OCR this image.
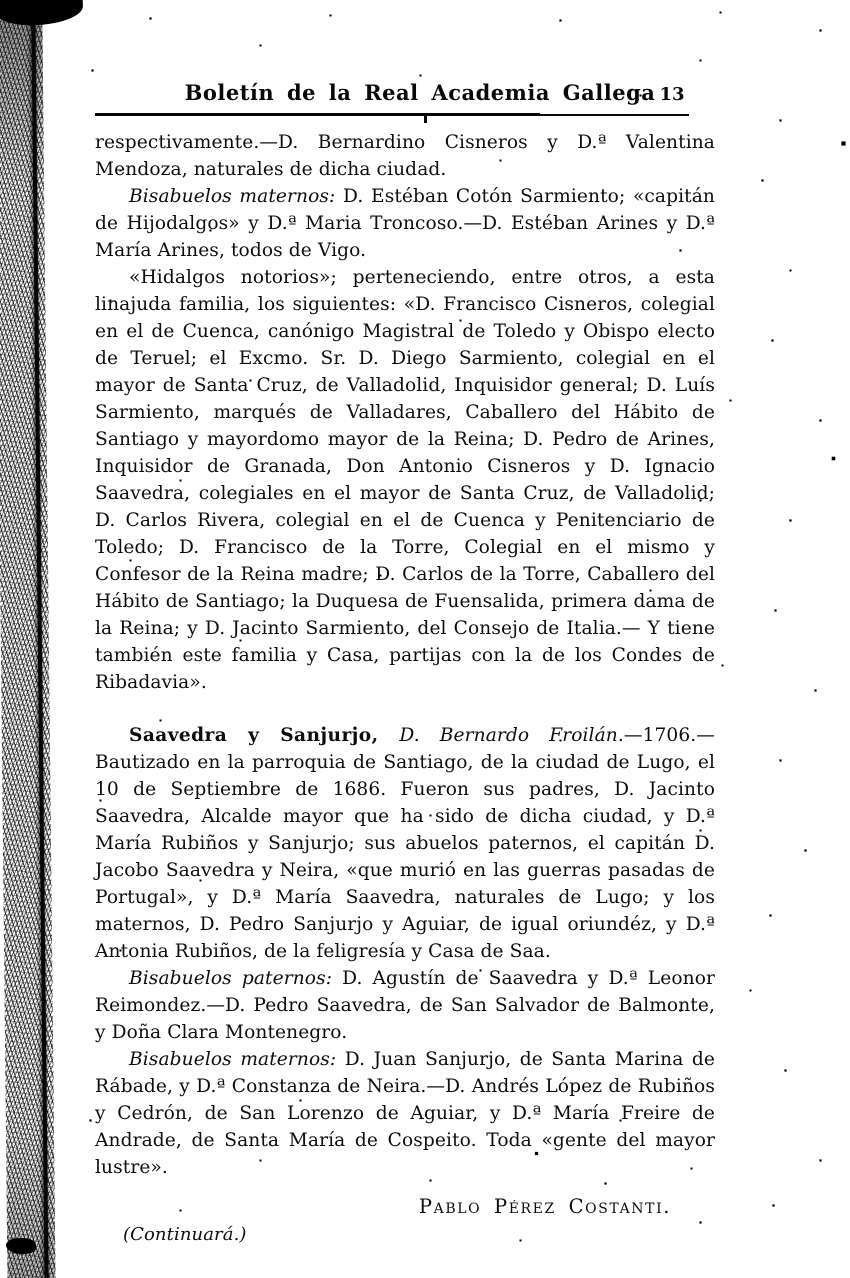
Boletín de la Real Academia Gallega 13

respectivamente.—D. Bernardino Cisneros y D.ª Valentina Mendoza, naturales de dicha ciudad.

Bisabuelos maternos: D. Estéban Cotón Sarmiento; «capitán de Hijodalgos» y D.ª Maria Troncoso.—D. Estéban Arines y D.ª María Arines, todos de Vigo.

«Hidalgos notorios»; perteneciendo, entre otros, a esta linajuda familia, los siguientes: «D. Francisco Cisneros, colegial en el de Cuenca, canónigo Magistral de Toledo y Obispo electo de Teruel; el Excmo. Sr. D. Diego Sarmiento, colegial en el mayor de Santa Cruz, de Valladolid, Inquisidor general; D. Luís Sarmiento, marqués de Valladares, Caballero del Hábito de Santiago y mayordomo mayor de la Reina; D. Pedro de Arines, Inquisidor de Granada, Don Antonio Cisneros y D. Ignacio Saavedra, colegiales en el mayor de Santa Cruz, de Valladolid; D. Carlos Rivera, colegial en el de Cuenca y Penitenciario de Toledo; D. Francisco de la Torre, Colegial en el mismo y Confesor de la Reina madre; D. Carlos de la Torre, Caballero del Hábito de Santiago; la Duquesa de Fuensalida, primera dama de la Reina; y D. Jacinto Sarmiento, del Consejo de Italia.— Y tiene también este familia y Casa, partijas con la de los Condes de Ribadavia».

Saavedra y Sanjurjo, D. Bernardo Froilán.—1706.—Bautizado en la parroquia de Santiago, de la ciudad de Lugo, el 10 de Septiembre de 1686. Fueron sus padres, D. Jacinto Saavedra, Alcalde mayor que ha sido de dicha ciudad, y D.ª María Rubiños y Sanjurjo; sus abuelos paternos, el capitán D. Jacobo Saavedra y Neira, «que murió en las guerras pasadas de Portugal», y D.ª María Saavedra, naturales de Lugo; y los maternos, D. Pedro Sanjurjo y Aguiar, de igual oriundéz, y D.ª Antonia Rubiños, de la feligresía y Casa de Saa.

Bisabuelos paternos: D. Agustín de Saavedra y D.ª Leonor Reimondez.—D. Pedro Saavedra, de San Salvador de Balmonte, y Doña Clara Montenegro.

Bisabuelos maternos: D. Juan Sanjurjo, de Santa Marina de Rábade, y D.ª Constanza de Neira.—D. Andrés López de Rubiños y Cedrón, de San Lorenzo de Aguiar, y D.ª María Freire de Andrade, de Santa María de Cospeito. Toda «gente del mayor lustre».

Pablo Pérez Costanti.
(Continuará.)
